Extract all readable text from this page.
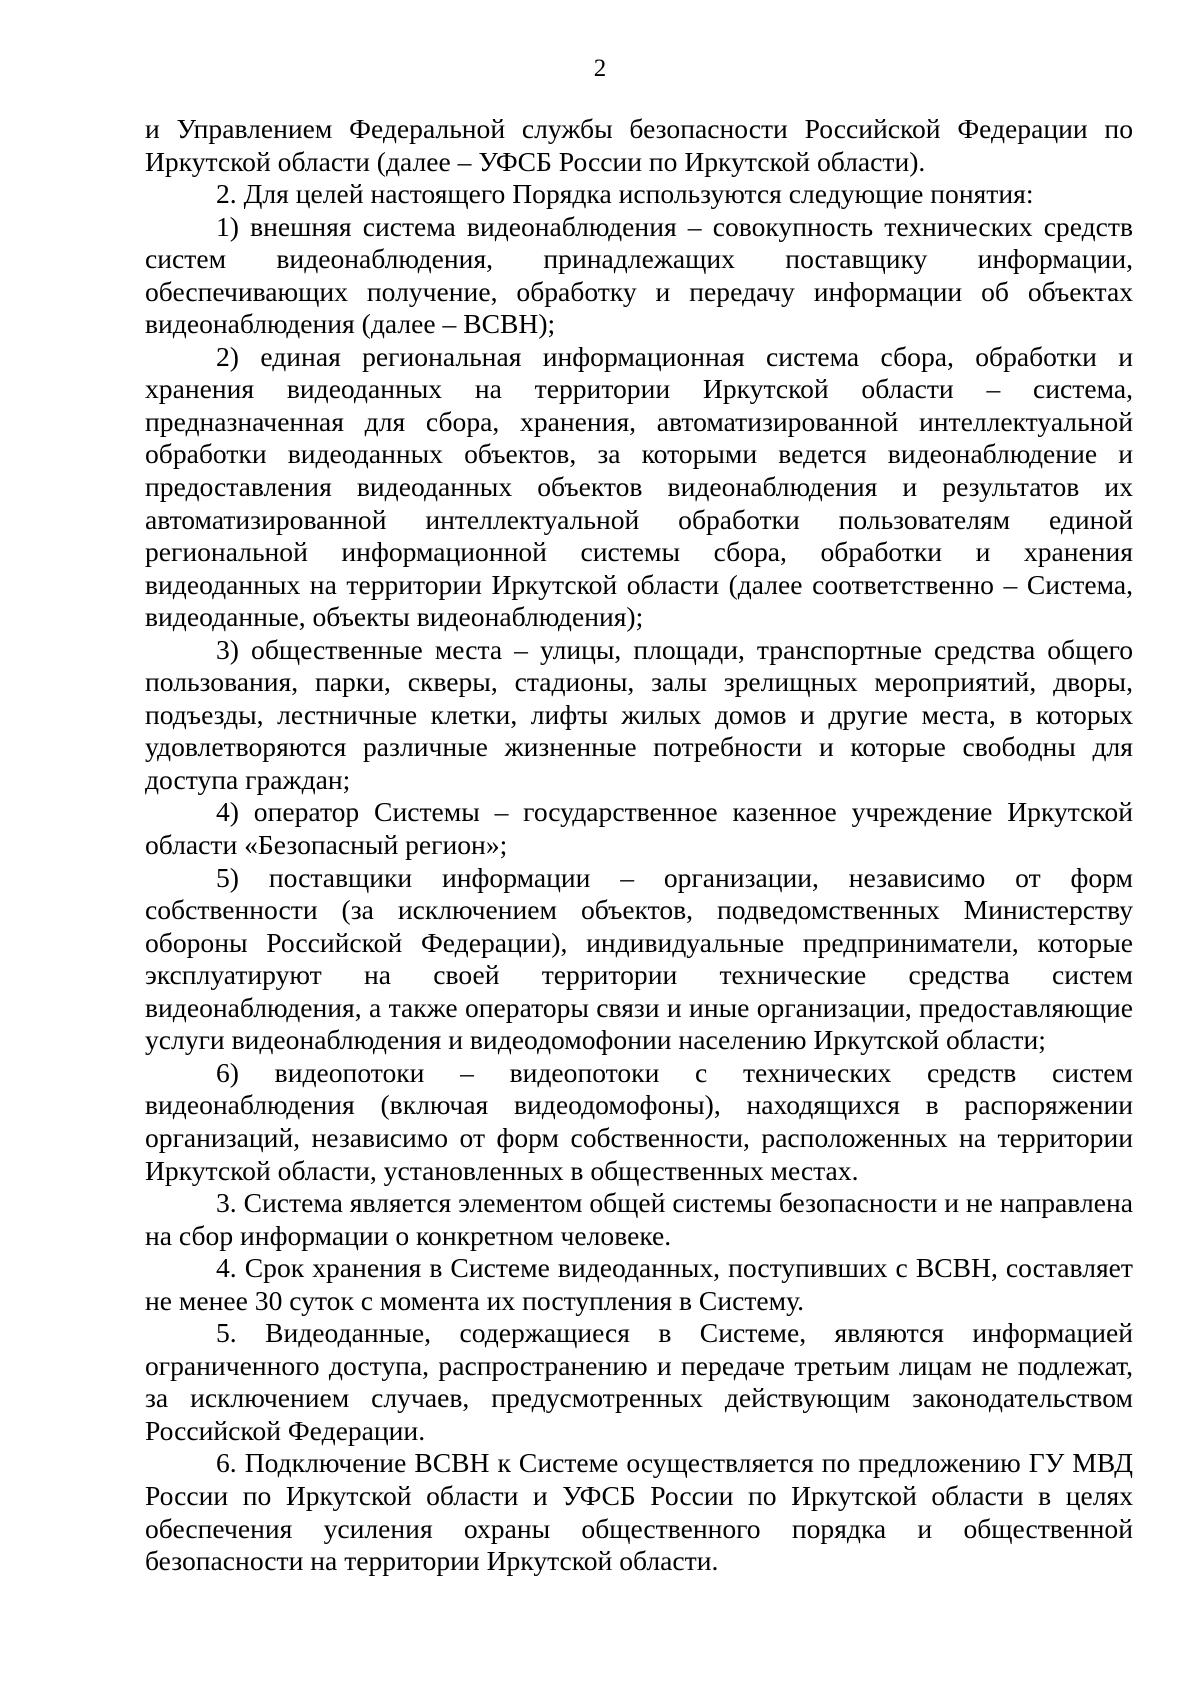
2

и Управлением Федеральной службы безопасности Российской Федерации по Иркутской области (далее – УФСБ России по Иркутской области).

2. Для целей настоящего Порядка используются следующие понятия:

1) внешняя система видеонаблюдения – совокупность технических средств систем видеонаблюдения, принадлежащих поставщику информации, обеспечивающих получение, обработку и передачу информации об объектах видеонаблюдения (далее – ВСВН);

2) единая региональная информационная система сбора, обработки и хранения видеоданных на территории Иркутской области – система, предназначенная для сбора, хранения, автоматизированной интеллектуальной обработки видеоданных объектов, за которыми ведется видеонаблюдение и предоставления видеоданных объектов видеонаблюдения и результатов их автоматизированной интеллектуальной обработки пользователям единой региональной информационной системы сбора, обработки и хранения видеоданных на территории Иркутской области (далее соответственно – Система, видеоданные, объекты видеонаблюдения);

3) общественные места – улицы, площади, транспортные средства общего пользования, парки, скверы, стадионы, залы зрелищных мероприятий, дворы, подъезды, лестничные клетки, лифты жилых домов и другие места, в которых удовлетворяются различные жизненные потребности и которые свободны для доступа граждан;

4) оператор Системы – государственное казенное учреждение Иркутской области «Безопасный регион»;

5) поставщики информации – организации, независимо от форм собственности (за исключением объектов, подведомственных Министерству обороны Российской Федерации), индивидуальные предприниматели, которые эксплуатируют на своей территории технические средства систем видеонаблюдения, а также операторы связи и иные организации, предоставляющие услуги видеонаблюдения и видеодомофонии населению Иркутской области;

6) видеопотоки – видеопотоки с технических средств систем видеонаблюдения (включая видеодомофоны), находящихся в распоряжении организаций, независимо от форм собственности, расположенных на территории Иркутской области, установленных в общественных местах.

3. Система является элементом общей системы безопасности и не направлена на сбор информации о конкретном человеке.

4. Срок хранения в Системе видеоданных, поступивших с ВСВН, составляет не менее 30 суток с момента их поступления в Систему.

5. Видеоданные, содержащиеся в Системе, являются информацией ограниченного доступа, распространению и передаче третьим лицам не подлежат, за исключением случаев, предусмотренных действующим законодательством Российской Федерации.

6. Подключение ВСВН к Системе осуществляется по предложению ГУ МВД России по Иркутской области и УФСБ России по Иркутской области в целях обеспечения усиления охраны общественного порядка и общественной безопасности на территории Иркутской области.
